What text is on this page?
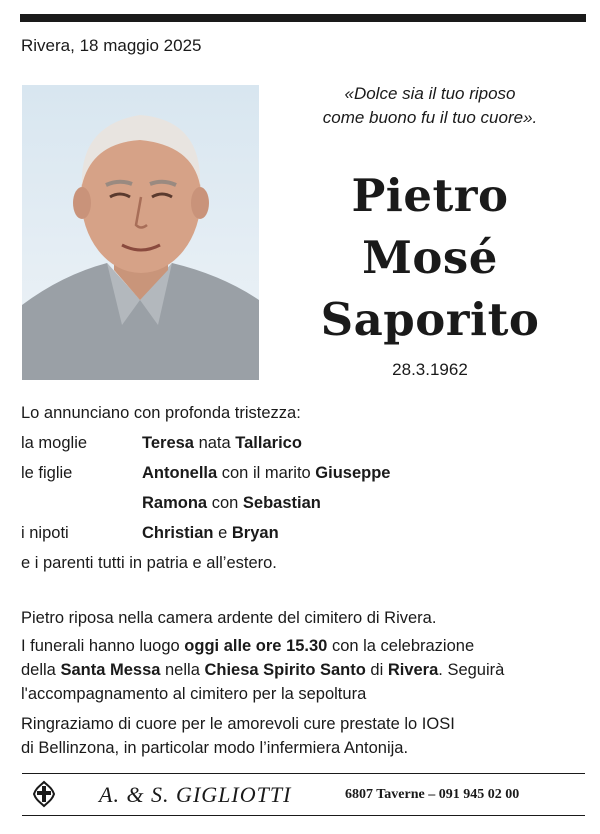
Rivera, 18 maggio 2025
«Dolce sia il tuo riposo
come buono fu il tuo cuore».
Pietro
Mosé
Saporito
28.3.1962
Lo annunciano con profonda tristezza:
la moglie	Teresa nata Tallarico
le figlie	Antonella con il marito Giuseppe
Ramona con Sebastian
i nipoti	Christian e Bryan
e i parenti tutti in patria e all’estero.
Pietro riposa nella camera ardente del cimitero di Rivera.
I funerali hanno luogo oggi alle ore 15.30 con la celebrazione
della Santa Messa nella Chiesa Spirito Santo di Rivera. Seguirà
l'accompagnamento al cimitero per la sepoltura
Ringraziamo di cuore per le amorevoli cure prestate lo IOSI
di Bellinzona, in particolar modo l’infermiera Antonija.
A. & S. GIGLIOTTI	6807 Taverne – 091 945 02 00
